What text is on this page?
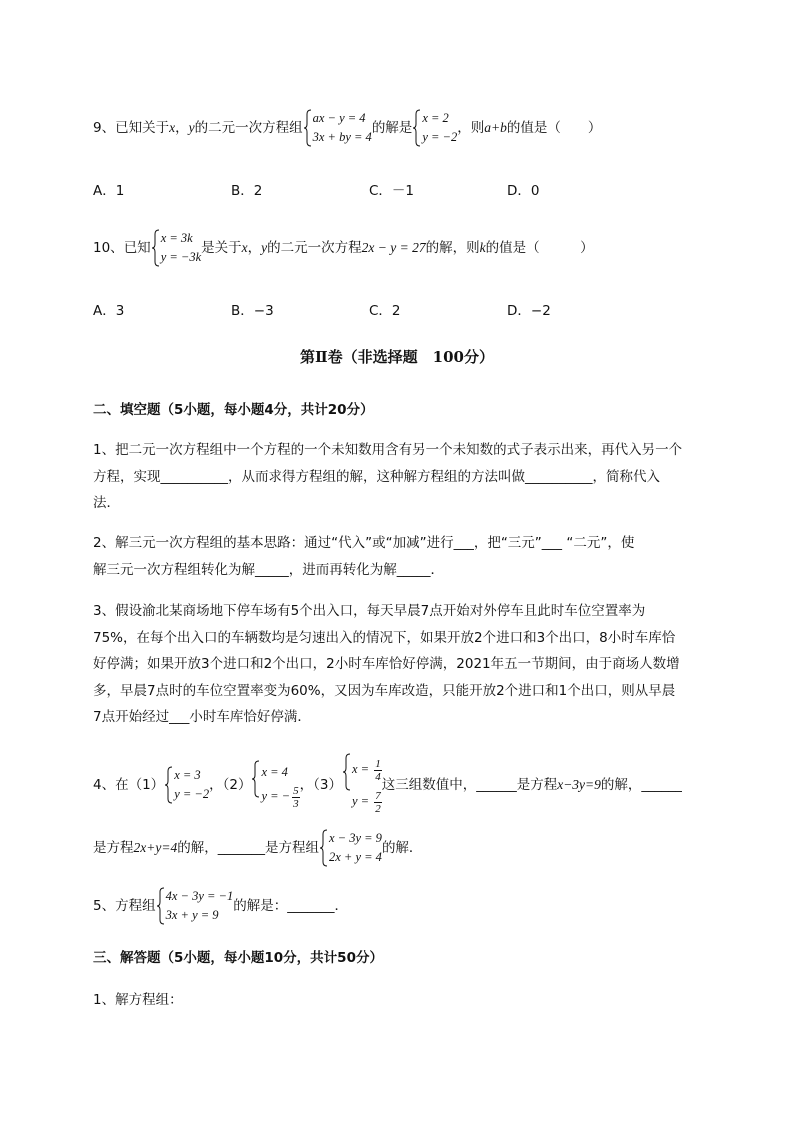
9、已知关于x，y的二元一次方程组
ax − y = 4
3x + by = 4
的解是
x = 2
y = −2
，则a+b的值是（　　）
A．1	B．2	C．－1	D．0
10、已知
x = 3k
y = −3k
是关于x，y的二元一次方程2x − y = 27的解，则k的值是（　　　）
A．3	B．−3	C．2	D．−2
第Ⅱ卷（非选择题　100分）
二、填空题（5小题，每小题4分，共计20分）

1、把二元一次方程组中一个方程的一个未知数用含有另一个未知数的式子表示出来，再代入另一个
方程，实现__________，从而求得方程组的解，这种解方程组的方法叫做__________，简称代入
法．

2、解三元一次方程组的基本思路：通过“代入”或“加减”进行___，把“三元”___ “二元”，使
解三元一次方程组转化为解_____，进而再转化为解_____．

3、假设渝北某商场地下停车场有5个出入口，每天早晨7点开始对外停车且此时车位空置率为
75%，在每个出入口的车辆数均是匀速出入的情况下，如果开放2个进口和3个出口，8小时车库恰
好停满；如果开放3个进口和2个出口，2小时车库恰好停满，2021年五一节期间，由于商场人数增
多，早晨7点时的车位空置率变为60%，又因为车库改造，只能开放2个进口和1个出口，则从早晨
7点开始经过___小时车库恰好停满．

4、在（1）
x = 3
y = −2
，（2）
x = 4
y = − $\frac{5}{3}$ ，（3）
$x = \frac{1}{4}$
$y = \frac{7}{2}$
这三组数值中，______是方程x−3y=9的解，______
是方程2x+y=4的解，_______是方程组
x − 3y = 9
2x + y = 4
的解．
5、方程组
4x − 3y = −1
3x + y = 9
的解是：_______．
三、解答题（5小题，每小题10分，共计50分）
1、解方程组：
